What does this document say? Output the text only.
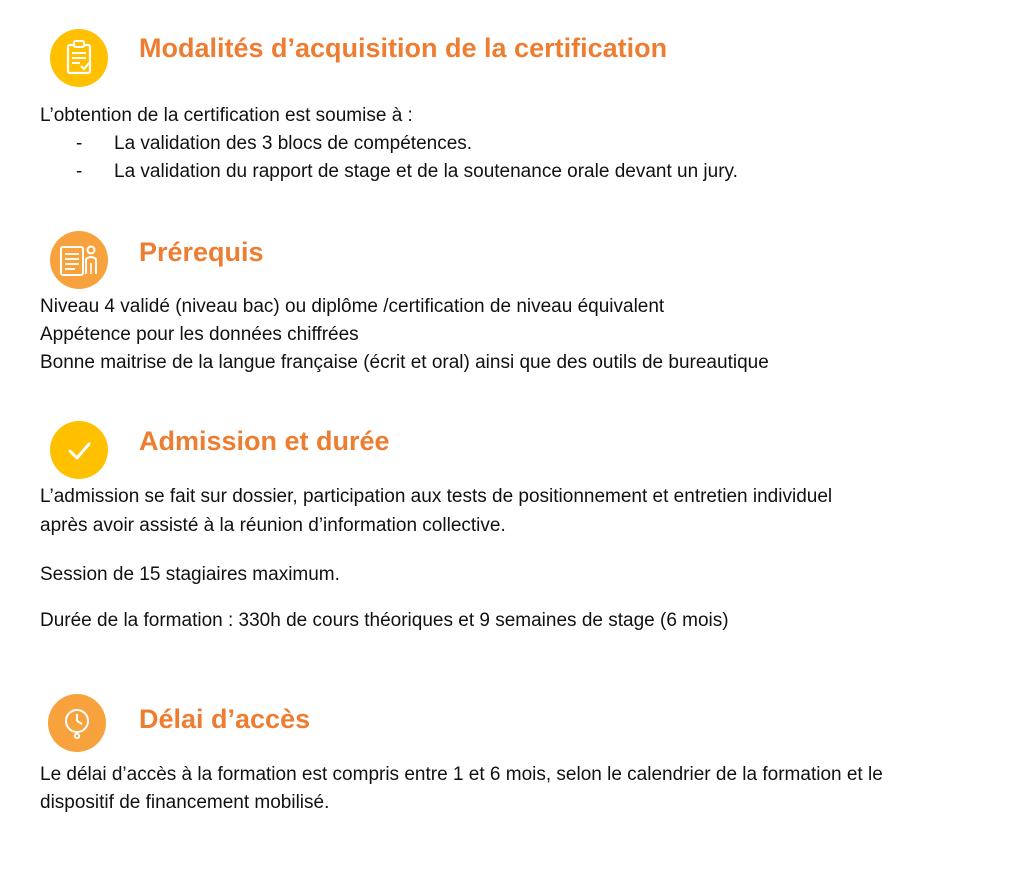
Modalités d’acquisition de la certification

L’obtention de la certification est soumise à :

- La validation des 3 blocs de compétences.
- La validation du rapport de stage et de la soutenance orale devant un jury.
Prérequis

Niveau 4 validé (niveau bac) ou diplôme /certification de niveau équivalent

Appétence pour les données chiffrées

Bonne maitrise de la langue française (écrit et oral) ainsi que des outils de bureautique

Admission et durée

L’admission se fait sur dossier, participation aux tests de positionnement et entretien individuel

après avoir assisté à la réunion d’information collective.

Session de 15 stagiaires maximum.

Durée de la formation : 330h de cours théoriques et 9 semaines de stage (6 mois)

Délai d’accès

Le délai d’accès à la formation est compris entre 1 et 6 mois, selon le calendrier de la formation et le

dispositif de financement mobilisé.
